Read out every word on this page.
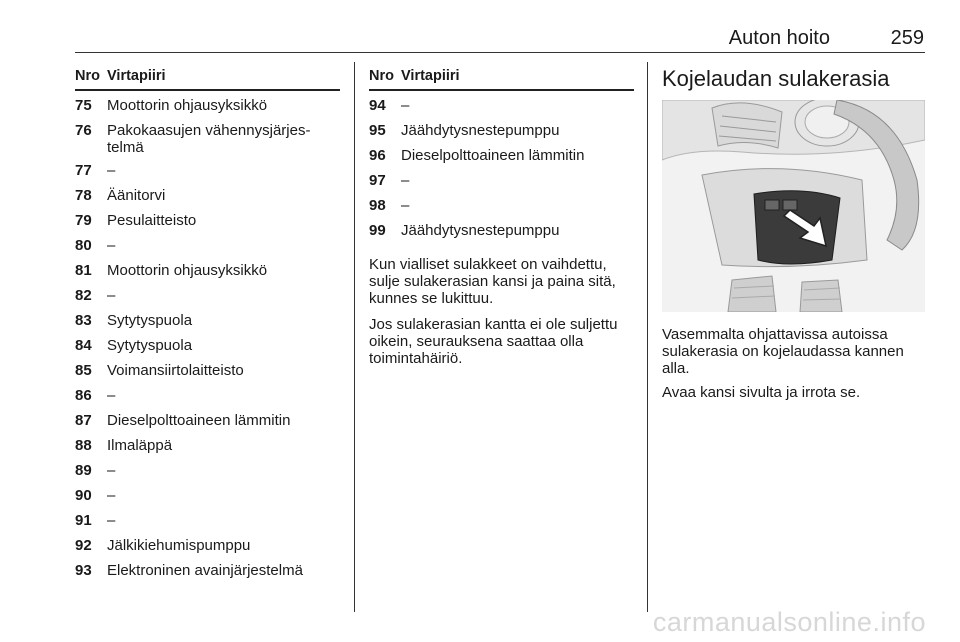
Auton hoito	259
Nro Virtapiiri
75	Moottorin ohjausyksikkö
76	Pakokaasujen vähennysjärjes-telmä
77	–
78	Äänitorvi
79	Pesulaitteisto
80	–
81	Moottorin ohjausyksikkö
82	–
83	Sytytyspuola
84	Sytytyspuola
85	Voimansiirtolaitteisto
86	–
87	Dieselpolttoaineen lämmitin
88	Ilmaläppä
89	–
90	–
91	–
92	Jälkikiehumispumppu
93	Elektroninen avainjärjestelmä
Nro Virtapiiri
94	–
95	Jäähdytysnestepumppu
96	Dieselpolttoaineen lämmitin
97	–
98	–
99	Jäähdytysnestepumppu
Kun vialliset sulakkeet on vaihdettu, sulje sulakerasian kansi ja paina sitä, kunnes se lukittuu.
Jos sulakerasian kantta ei ole suljettu oikein, seurauksena saattaa olla toimintahäiriö.
Kojelaudan sulakerasia
Vasemmalta ohjattavissa autoissa sulakerasia on kojelaudassa kannen alla.
Avaa kansi sivulta ja irrota se.
carmanualsonline.info
